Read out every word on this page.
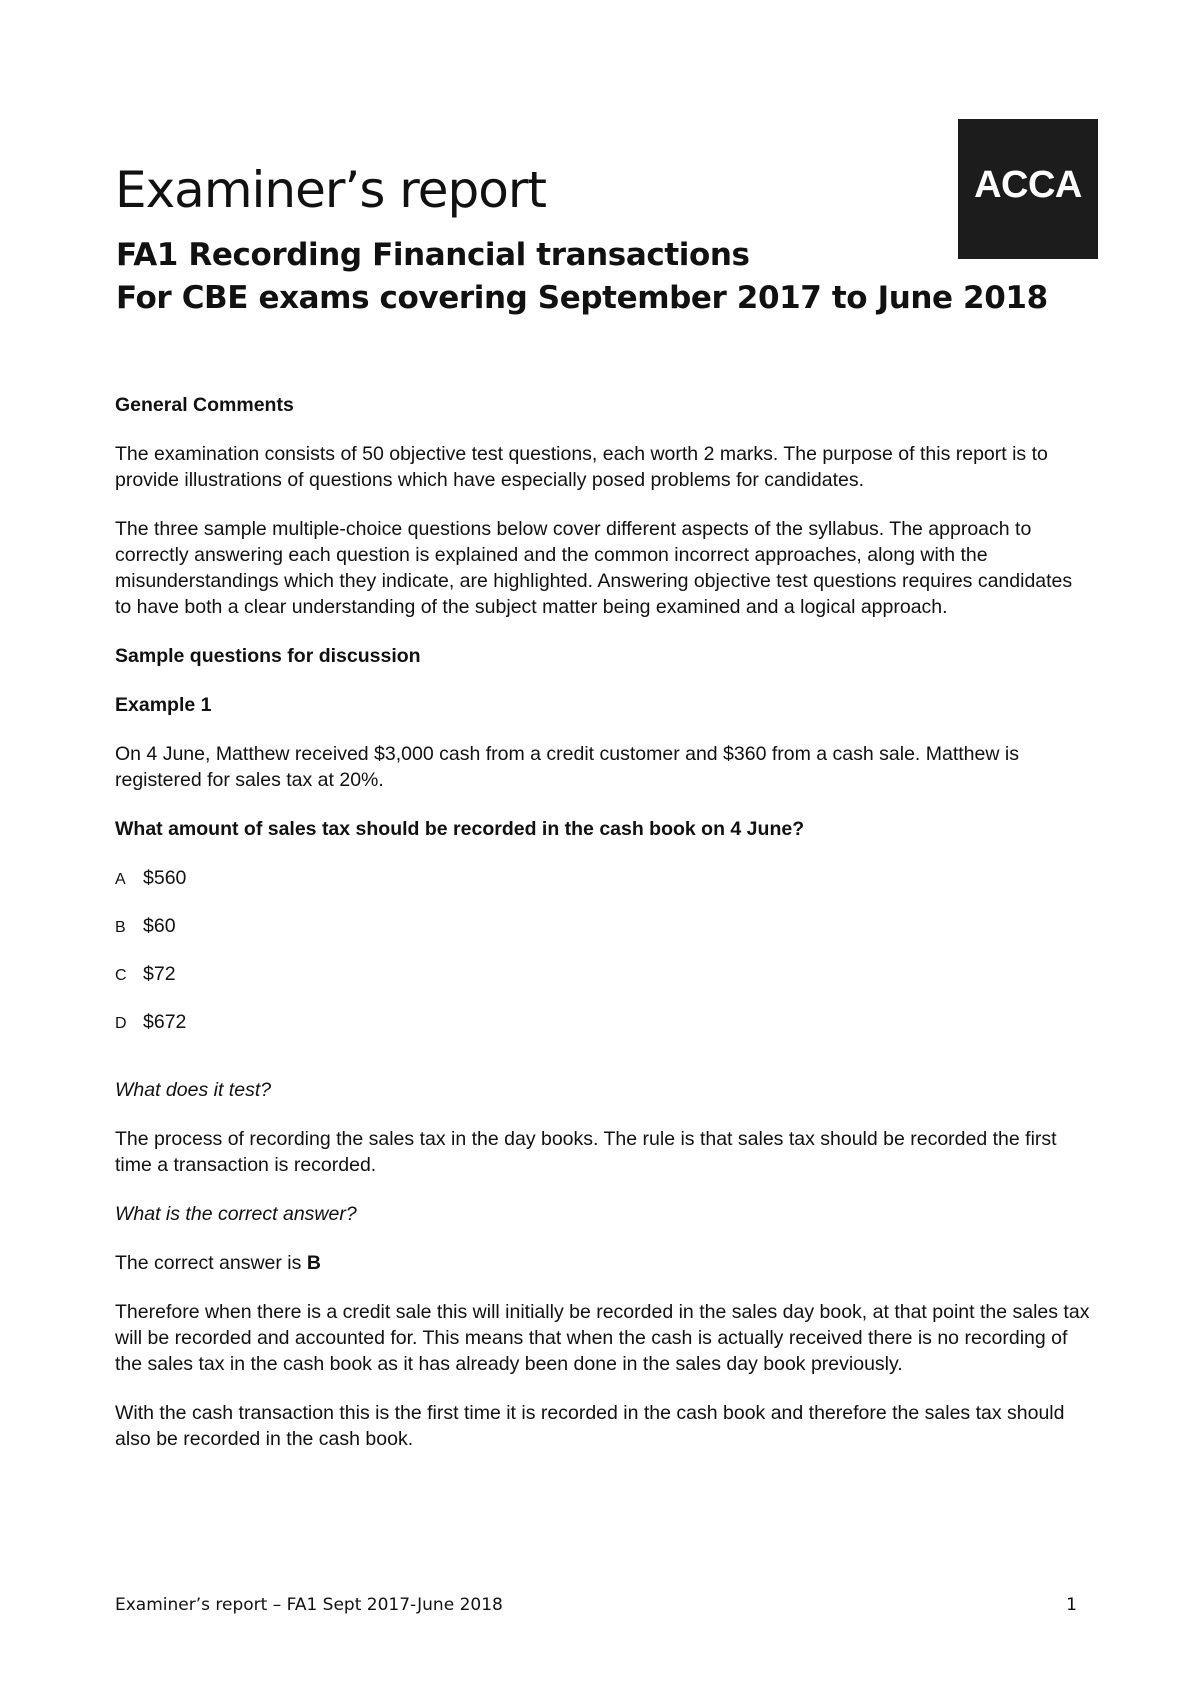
ACCA
Examiner’s report
FA1 Recording Financial transactions
For CBE exams covering September 2017 to June 2018
General Comments

The examination consists of 50 objective test questions, each worth 2 marks. The purpose of this report is to provide illustrations of questions which have especially posed problems for candidates.

The three sample multiple-choice questions below cover different aspects of the syllabus. The approach to correctly answering each question is explained and the common incorrect approaches, along with the misunderstandings which they indicate, are highlighted. Answering objective test questions requires candidates to have both a clear understanding of the subject matter being examined and a logical approach.

Sample questions for discussion
Example 1

On 4 June, Matthew received $3,000 cash from a credit customer and $360 from a cash sale. Matthew is registered for sales tax at 20%.

What amount of sales tax should be recorded in the cash book on 4 June?

A $560
B $60
C $72
D $672

What does it test?

The process of recording the sales tax in the day books. The rule is that sales tax should be recorded the first time a transaction is recorded.

What is the correct answer?

The correct answer is B

Therefore when there is a credit sale this will initially be recorded in the sales day book, at that point the sales tax will be recorded and accounted for. This means that when the cash is actually received there is no recording of the sales tax in the cash book as it has already been done in the sales day book previously.

With the cash transaction this is the first time it is recorded in the cash book and therefore the sales tax should also be recorded in the cash book.

Examiner’s report – FA1 Sept 2017-June 2018	1
